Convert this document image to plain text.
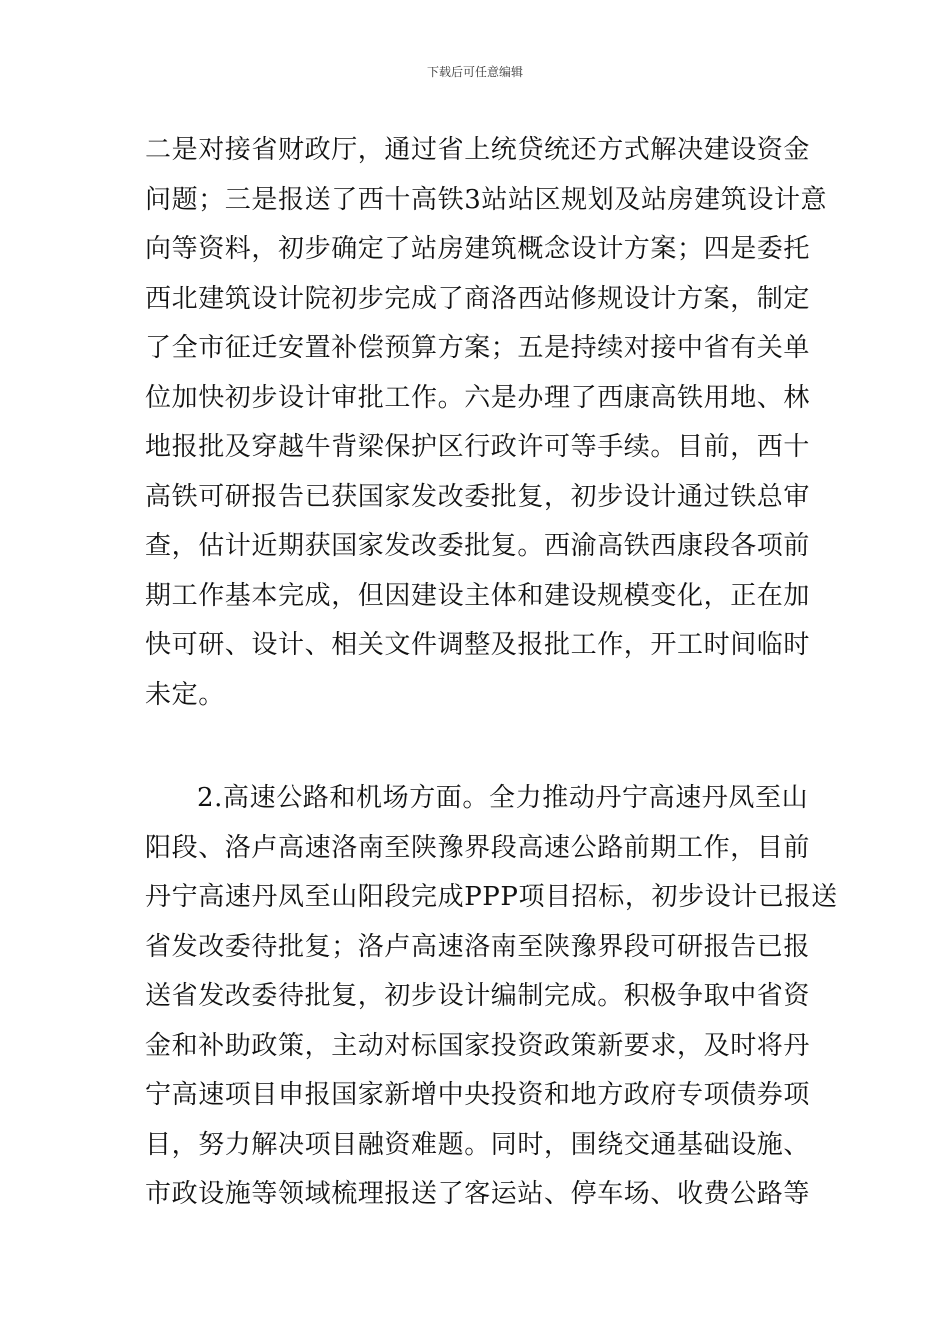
下载后可任意编辑
二是对接省财政厅，通过省上统贷统还方式解决建设资金
问题；三是报送了西十高铁3站站区规划及站房建筑设计意
向等资料，初步确定了站房建筑概念设计方案；四是委托
西北建筑设计院初步完成了商洛西站修规设计方案，制定
了全市征迁安置补偿预算方案；五是持续对接中省有关单
位加快初步设计审批工作。六是办理了西康高铁用地、林
地报批及穿越牛背梁保护区行政许可等手续。目前，西十
高铁可研报告已获国家发改委批复，初步设计通过铁总审
查，估计近期获国家发改委批复。西渝高铁西康段各项前
期工作基本完成，但因建设主体和建设规模变化，正在加
快可研、设计、相关文件调整及报批工作，开工时间临时
未定。
2.高速公路和机场方面。全力推动丹宁高速丹凤至山
阳段、洛卢高速洛南至陕豫界段高速公路前期工作，目前
丹宁高速丹凤至山阳段完成PPP项目招标，初步设计已报送
省发改委待批复；洛卢高速洛南至陕豫界段可研报告已报
送省发改委待批复，初步设计编制完成。积极争取中省资
金和补助政策，主动对标国家投资政策新要求，及时将丹
宁高速项目申报国家新增中央投资和地方政府专项债券项
目，努力解决项目融资难题。同时，围绕交通基础设施、
市政设施等领域梳理报送了客运站、停车场、收费公路等
